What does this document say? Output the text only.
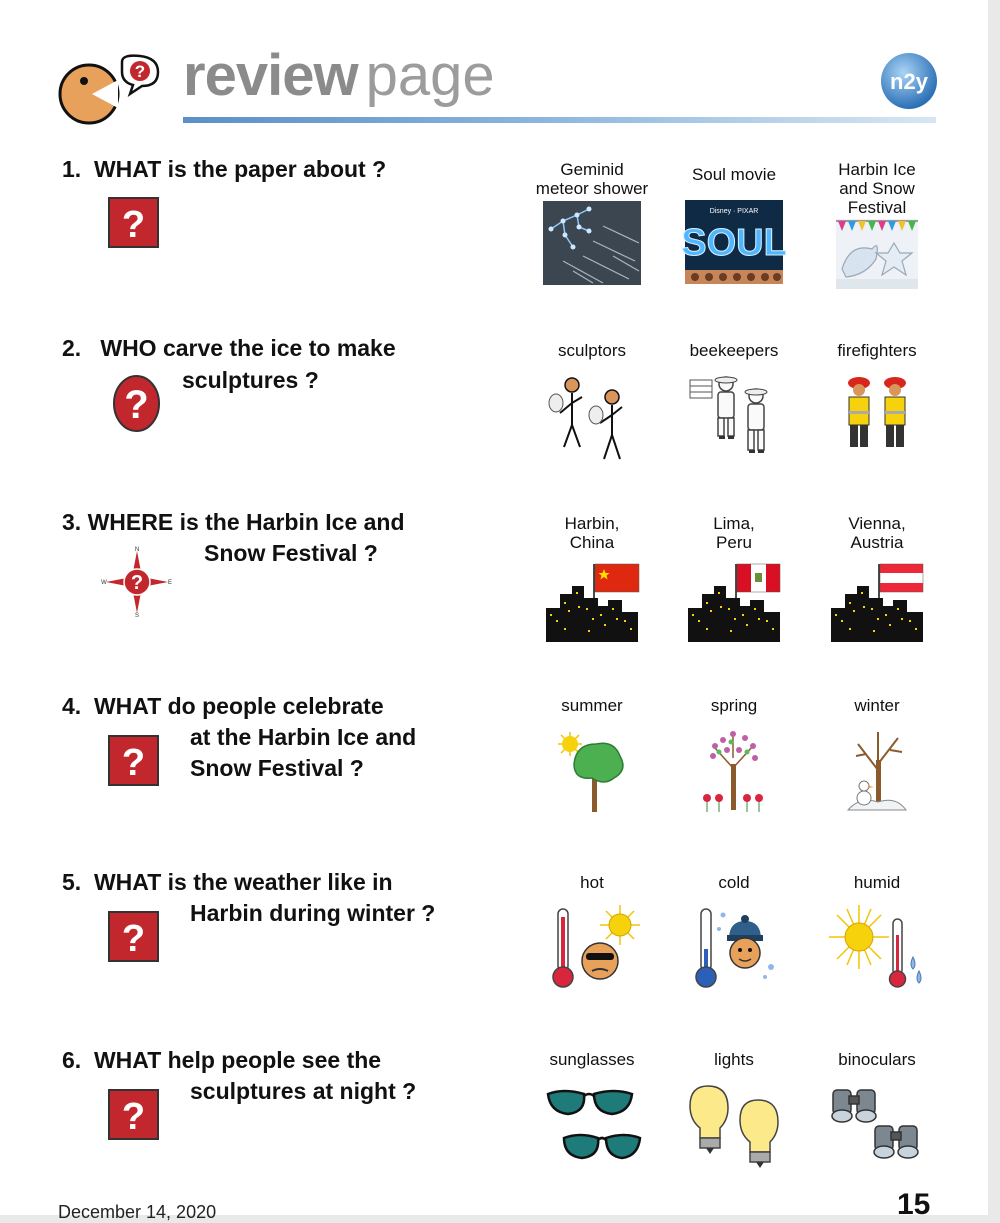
? review page	n2y
1. WHAT is the paper about ?
?
Geminid
meteor shower
Soul movie
Disney · PIXAR
SOUL
Harbin Ice
and Snow
Festival
2. WHO carve the ice to make
sculptures ?
?
sculptors	beekeepers	firefighters
3. WHERE is the Harbin Ice and
Snow Festival ?
?
N
S
E
W
Harbin,
China
Lima,
Peru
Vienna,
Austria
4. WHAT do people celebrate
at the Harbin Ice and
Snow Festival ?
?
summer	spring	winter
5. WHAT is the weather like in
Harbin during winter ?
?
hot	cold	humid
6. WHAT help people see the
sculptures at night ?
?
sunglasses	lights	binoculars
December 14, 2020	15
